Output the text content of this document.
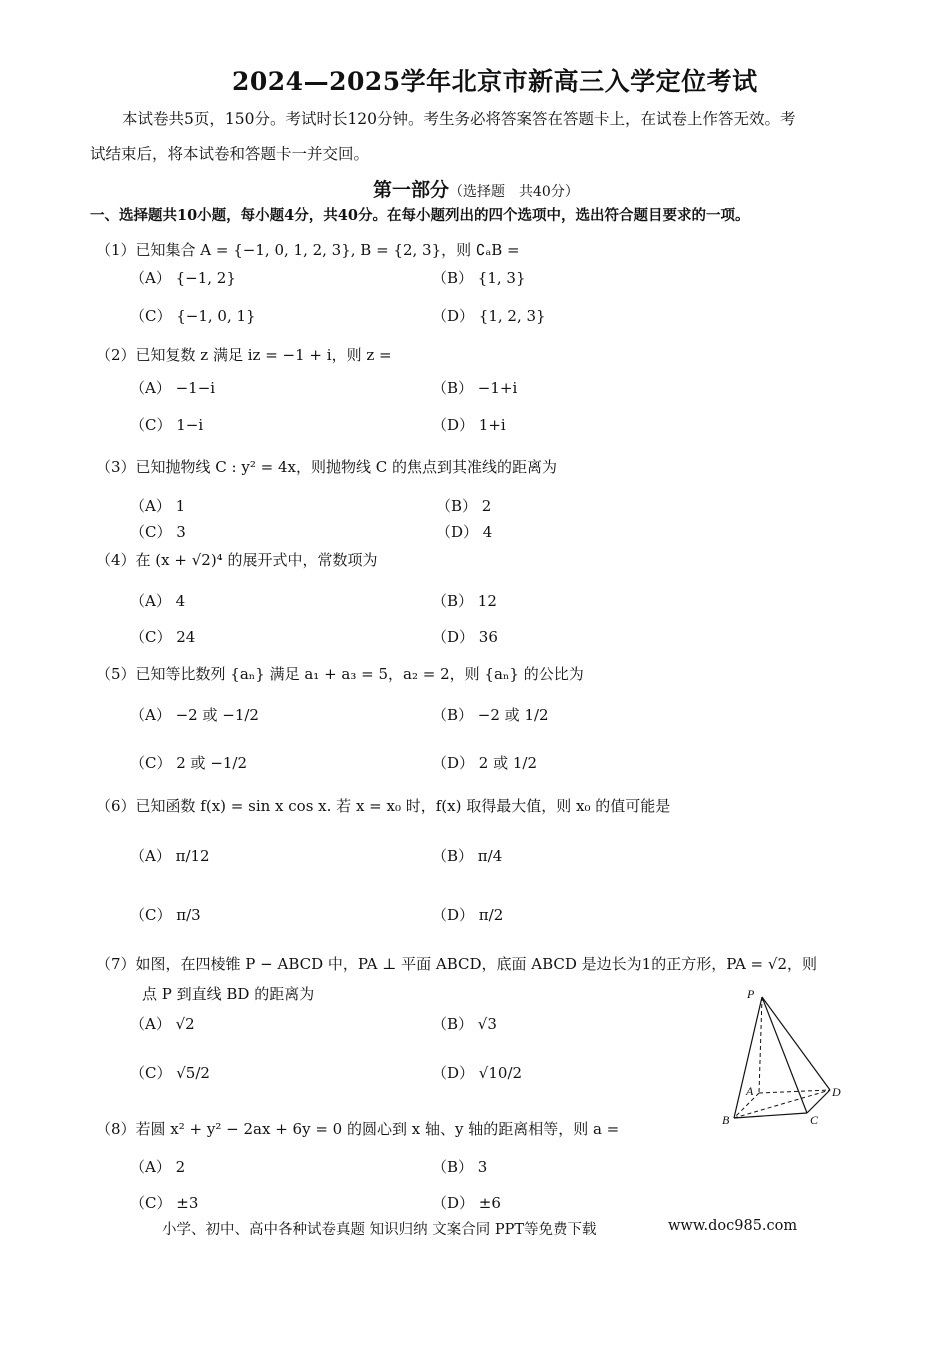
2024—2025学年北京市新高三入学定位考试
本试卷共5页，150分。考试时长120分钟。考生务必将答案答在答题卡上，在试卷上作答无效。考
试结束后，将本试卷和答题卡一并交回。
第一部分（选择题　共40分）
一、选择题共10小题，每小题4分，共40分。在每小题列出的四个选项中，选出符合题目要求的一项。
（1）已知集合 A = {−1, 0, 1, 2, 3}, B = {2, 3}，则 ∁ₐB =
（A） {−1, 2}	（B） {1, 3}
（C） {−1, 0, 1}	（D） {1, 2, 3}
（2）已知复数 z 满足 iz = −1 + i，则 z =
（A） −1−i	（B） −1+i
（C） 1−i	（D） 1+i
（3）已知抛物线 C : y² = 4x，则抛物线 C 的焦点到其准线的距离为
（A） 1	（B） 2
（C） 3	（D） 4
（4）在 (x + √2)⁴ 的展开式中，常数项为
（A） 4	（B） 12
（C） 24	（D） 36
（5）已知等比数列 {aₙ} 满足 a₁ + a₃ = 5，a₂ = 2，则 {aₙ} 的公比为
（A） −2 或 −1/2	（B） −2 或 1/2
（C） 2 或 −1/2	（D） 2 或 1/2
（6）已知函数 f(x) = sin x cos x. 若 x = x₀ 时，f(x) 取得最大值，则 x₀ 的值可能是
（A） π/12	（B） π/4
（C） π/3	（D） π/2
（7）如图，在四棱锥 P − ABCD 中，PA ⊥ 平面 ABCD，底面 ABCD 是边长为1的正方形，PA = √2，则
点 P 到直线 BD 的距离为
（A） √2	（B） √3
（C） √5/2	（D） √10/2
P
A
B	C
D
（8）若圆 x² + y² − 2ax + 6y = 0 的圆心到 x 轴、y 轴的距离相等，则 a =
（A） 2	（B） 3
（C） ±3	（D） ±6
小学、初中、高中各种试卷真题 知识归纳 文案合同 PPT等免费下载	www.doc985.com
